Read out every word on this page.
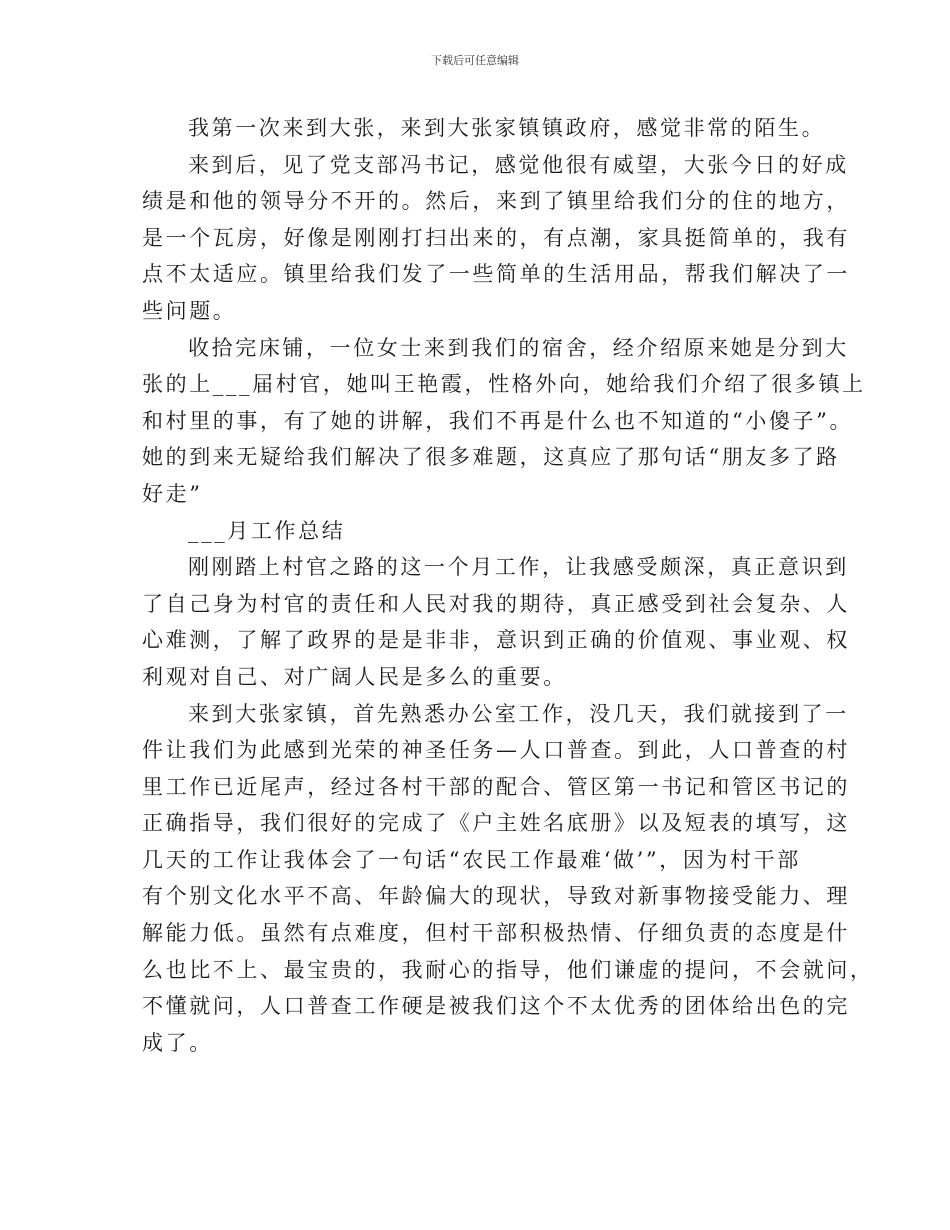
下载后可任意编辑
我第一次来到大张，来到大张家镇镇政府，感觉非常的陌生。
来到后，见了党支部冯书记，感觉他很有威望，大张今日的好成
绩是和他的领导分不开的。然后，来到了镇里给我们分的住的地方，
是一个瓦房，好像是刚刚打扫出来的，有点潮，家具挺简单的，我有
点不太适应。镇里给我们发了一些简单的生活用品，帮我们解决了一
些问题。
收拾完床铺，一位女士来到我们的宿舍，经介绍原来她是分到大
张的上___届村官，她叫王艳霞，性格外向，她给我们介绍了很多镇上
和村里的事，有了她的讲解，我们不再是什么也不知道的“小傻子”。
她的到来无疑给我们解决了很多难题，这真应了那句话“朋友多了路
好走”
___月工作总结
刚刚踏上村官之路的这一个月工作，让我感受颇深，真正意识到
了自己身为村官的责任和人民对我的期待，真正感受到社会复杂、人
心难测，了解了政界的是是非非，意识到正确的价值观、事业观、权
利观对自己、对广阔人民是多么的重要。
来到大张家镇，首先熟悉办公室工作，没几天，我们就接到了一
件让我们为此感到光荣的神圣任务—人口普查。到此，人口普查的村
里工作已近尾声，经过各村干部的配合、管区第一书记和管区书记的
正确指导，我们很好的完成了《户主姓名底册》以及短表的填写，这
几天的工作让我体会了一句话“农民工作最难‘做’”，因为村干部
有个别文化水平不高、年龄偏大的现状，导致对新事物接受能力、理
解能力低。虽然有点难度，但村干部积极热情、仔细负责的态度是什
么也比不上、最宝贵的，我耐心的指导，他们谦虚的提问，不会就问，
不懂就问，人口普查工作硬是被我们这个不太优秀的团体给出色的完
成了。
